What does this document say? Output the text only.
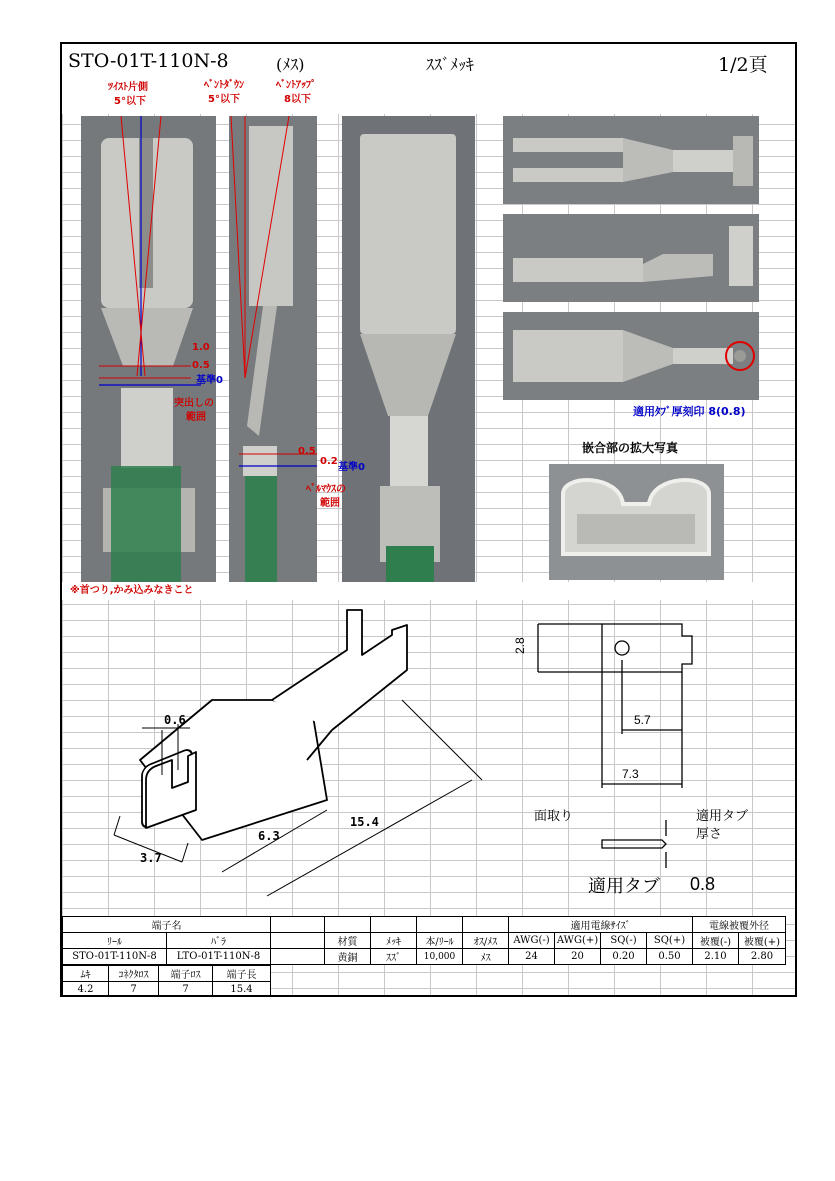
STO-01T-110N-8	(ﾒｽ)	ｽｽﾞﾒｯｷ	1/2頁
ﾂｲｽﾄ片側
5°以下
ﾍﾞﾝﾄﾀﾞｳﾝ
5°以下
ﾍﾞﾝﾄｱｯﾌﾟ
8以下
1.0
0.5
基準0
突出しの
範囲
0.5
0.2
基準0
ﾍﾞﾙﾏｳｽの
範囲
適用ﾀﾌﾞ厚刻印 8(0.8)
嵌合部の拡大写真
※首つり,かみ込みなきこと
0.6
3.7
6.3
15.4
2.8
5.7
7.3
面取り	適用タブ
厚さ
適用タブ 0.8
端子名							適用電線ｻｲｽﾞ				電線被覆外径	
ﾘｰﾙ	ﾊﾞﾗ		材質	ﾒｯｷ	本/ﾘｰﾙ	ｵｽ/ﾒｽ	AWG(-)	AWG(+)	SQ(-)	SQ(+)	被覆(-)	被覆(+)
STO-01T-110N-8	LTO-01T-110N-8		黄銅	ｽｽﾞ	10,000	ﾒｽ	24	20	0.20	0.50	2.10	2.80
ﾑｷ	ｺﾈｸﾀﾛｽ	端子ﾛｽ	端子長
4.2	7	7	15.4
